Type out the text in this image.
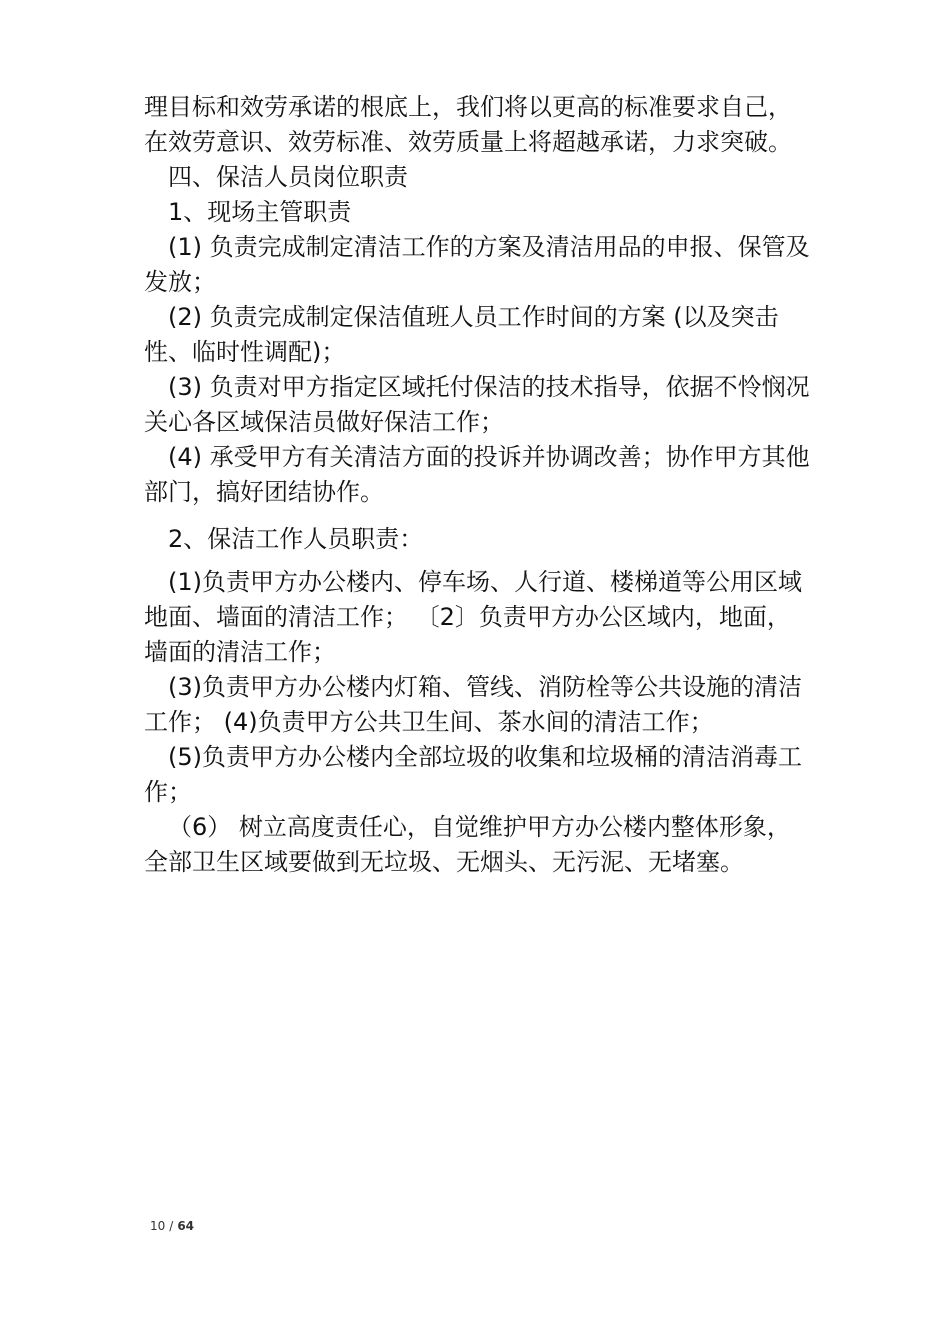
理目标和效劳承诺的根底上，我们将以更高的标准要求自己，在效劳意识、效劳标准、效劳质量上将超越承诺，力求突破。

四、保洁人员岗位职责

1、现场主管职责

(1) 负责完成制定清洁工作的方案及清洁用品的申报、保管及发放；

(2) 负责完成制定保洁值班人员工作时间的方案 (以及突击性、临时性调配)；

(3) 负责对甲方指定区域托付保洁的技术指导，依据不怜悯况关心各区域保洁员做好保洁工作；

(4) 承受甲方有关清洁方面的投诉并协调改善；协作甲方其他部门，搞好团结协作。

2、保洁工作人员职责：

(1)负责甲方办公楼内、停车场、人行道、楼梯道等公用区域地面、墙面的清洁工作； 〔2〕负责甲方办公区域内，地面，墙面的清洁工作；

(3)负责甲方办公楼内灯箱、管线、消防栓等公共设施的清洁工作； (4)负责甲方公共卫生间、茶水间的清洁工作；

(5)负责甲方办公楼内全部垃圾的收集和垃圾桶的清洁消毒工作；

（6） 树立高度责任心，自觉维护甲方办公楼内整体形象，全部卫生区域要做到无垃圾、无烟头、无污泥、无堵塞。

10 / 64
